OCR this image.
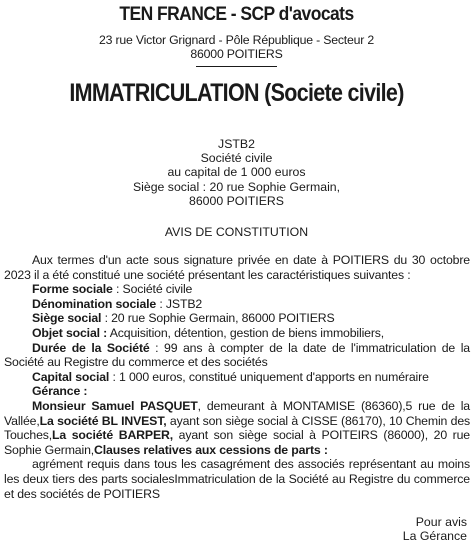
TEN FRANCE - SCP d'avocats
23 rue Victor Grignard - Pôle République - Secteur 2
86000 POITIERS
IMMATRICULATION (Societe civile)
JSTB2
Société civile
au capital de 1 000 euros
Siège social : 20 rue Sophie Germain,
86000 POITIERS
AVIS DE CONSTITUTION

Aux termes d'un acte sous signature privée en date à POITIERS du 30 octobre 2023 il a été constitué une société présentant les caractéristiques suivantes :

Forme sociale : Société civile

Dénomination sociale : JSTB2

Siège social : 20 rue Sophie Germain, 86000 POITIERS

Objet social : Acquisition, détention, gestion de biens immobiliers,

Durée de la Société : 99 ans à compter de la date de l'immatriculation de la Société au Registre du commerce et des sociétés

Capital social : 1 000 euros, constitué uniquement d'apports en numéraire

Gérance :

Monsieur Samuel PASQUET, demeurant à MONTAMISE (86360),5 rue de la Vallée,La société BL INVEST, ayant son siège social à CISSE (86170), 10 Chemin des Touches,La société BARPER, ayant son siège social à POITEIRS (86000), 20 rue Sophie Germain,Clauses relatives aux cessions de parts :

agrément requis dans tous les casagrément des associés représentant au moins les deux tiers des parts socialesImmatriculation de la Société au Registre du commerce et des sociétés de POITIERS

Pour avis
La Gérance
